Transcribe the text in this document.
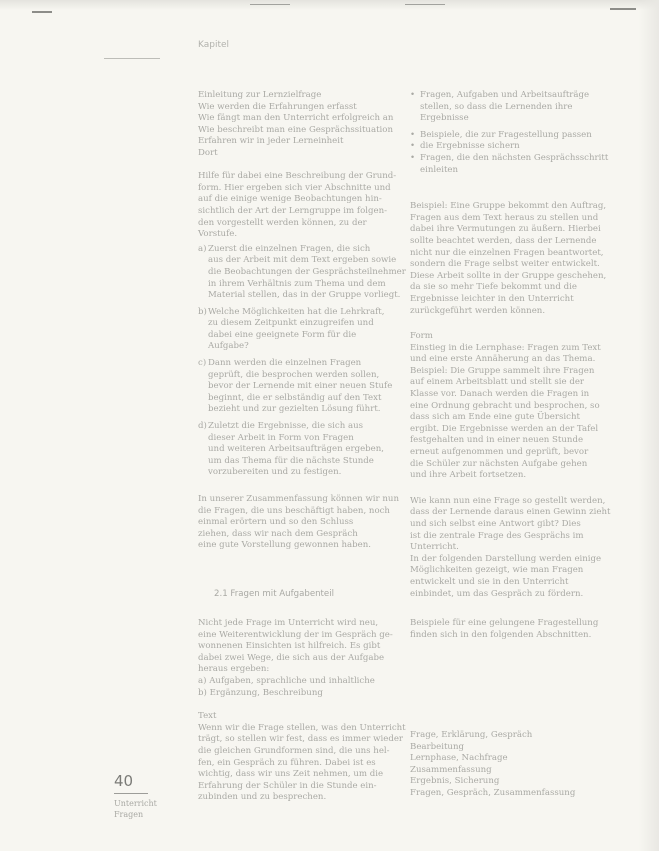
Kapitel

Einleitung zur Lernzielfrage

Wie werden die Erfahrungen erfasst

Wie fängt man den Unterricht erfolgreich an

Wie beschreibt man eine Gesprächssituation

Erfahren wir in jeder Lerneinheit

Dort

Hilfe für dabei eine Beschreibung der Grund-

form. Hier ergeben sich vier Abschnitte und

auf die einige wenige Beobachtungen hin-

sichtlich der Art der Lerngruppe im folgen-

den vorgestellt werden können, zu der

Vorstufe.

a) Zuerst die einzelnen Fragen, die sich
aus der Arbeit mit dem Text ergeben sowie
die Beobachtungen der Gesprächsteilnehmer
in ihrem Verhältnis zum Thema und dem
Material stellen, das in der Gruppe vorliegt.
b)Welche Möglichkeiten hat die Lehrkraft,
zu diesem Zeitpunkt einzugreifen und
dabei eine geeignete Form für die
Aufgabe?
c) Dann werden die einzelnen Fragen
geprüft, die besprochen werden sollen,
bevor der Lernende mit einer neuen Stufe
beginnt, die er selbständig auf den Text
bezieht und zur gezielten Lösung führt.
d)Zuletzt die Ergebnisse, die sich aus
dieser Arbeit in Form von Fragen
und weiteren Arbeitsaufträgen ergeben,
um das Thema für die nächste Stunde
vorzubereiten und zu festigen.

In unserer Zusammenfassung können wir nun

die Fragen, die uns beschäftigt haben, noch

einmal erörtern und so den Schluss

ziehen, dass wir nach dem Gespräch

eine gute Vorstellung gewonnen haben.

2.1 Fragen mit Aufgabenteil

Nicht jede Frage im Unterricht wird neu,

eine Weiterentwicklung der im Gespräch ge-

wonnenen Einsichten ist hilfreich. Es gibt

dabei zwei Wege, die sich aus der Aufgabe

heraus ergeben:

a) Aufgaben, sprachliche und inhaltliche

b) Ergänzung, Beschreibung

Text

Wenn wir die Frage stellen, was den Unterricht

trägt, so stellen wir fest, dass es immer wieder

die gleichen Grundformen sind, die uns hel-

fen, ein Gespräch zu führen. Dabei ist es

wichtig, dass wir uns Zeit nehmen, um die

Erfahrung der Schüler in die Stunde ein-

zubinden und zu besprechen.

• Fragen, Aufgaben und Arbeitsaufträge
stellen, so dass die Lernenden ihre
Ergebnisse
• Beispiele, die zur Fragestellung passen
• die Ergebnisse sichern
• Fragen, die den nächsten Gesprächsschritt
einleiten

Beispiel: Eine Gruppe bekommt den Auftrag,

Fragen aus dem Text heraus zu stellen und

dabei ihre Vermutungen zu äußern. Hierbei

sollte beachtet werden, dass der Lernende

nicht nur die einzelnen Fragen beantwortet,

sondern die Frage selbst weiter entwickelt.

Diese Arbeit sollte in der Gruppe geschehen,

da sie so mehr Tiefe bekommt und die

Ergebnisse leichter in den Unterricht

zurückgeführt werden können.

Form

Einstieg in die Lernphase: Fragen zum Text

und eine erste Annäherung an das Thema.

Beispiel: Die Gruppe sammelt ihre Fragen

auf einem Arbeitsblatt und stellt sie der

Klasse vor. Danach werden die Fragen in

eine Ordnung gebracht und besprochen, so

dass sich am Ende eine gute Übersicht

ergibt. Die Ergebnisse werden an der Tafel

festgehalten und in einer neuen Stunde

erneut aufgenommen und geprüft, bevor

die Schüler zur nächsten Aufgabe gehen

und ihre Arbeit fortsetzen.

Wie kann nun eine Frage so gestellt werden,

dass der Lernende daraus einen Gewinn zieht

und sich selbst eine Antwort gibt? Dies

ist die zentrale Frage des Gesprächs im

Unterricht.

In der folgenden Darstellung werden einige

Möglichkeiten gezeigt, wie man Fragen

entwickelt und sie in den Unterricht

einbindet, um das Gespräch zu fördern.

Beispiele für eine gelungene Fragestellung

finden sich in den folgenden Abschnitten.

Frage, Erklärung, Gespräch

Bearbeitung

Lernphase, Nachfrage

Zusammenfassung

Ergebnis, Sicherung

Fragen, Gespräch, Zusammenfassung

40
Unterricht
Fragen
